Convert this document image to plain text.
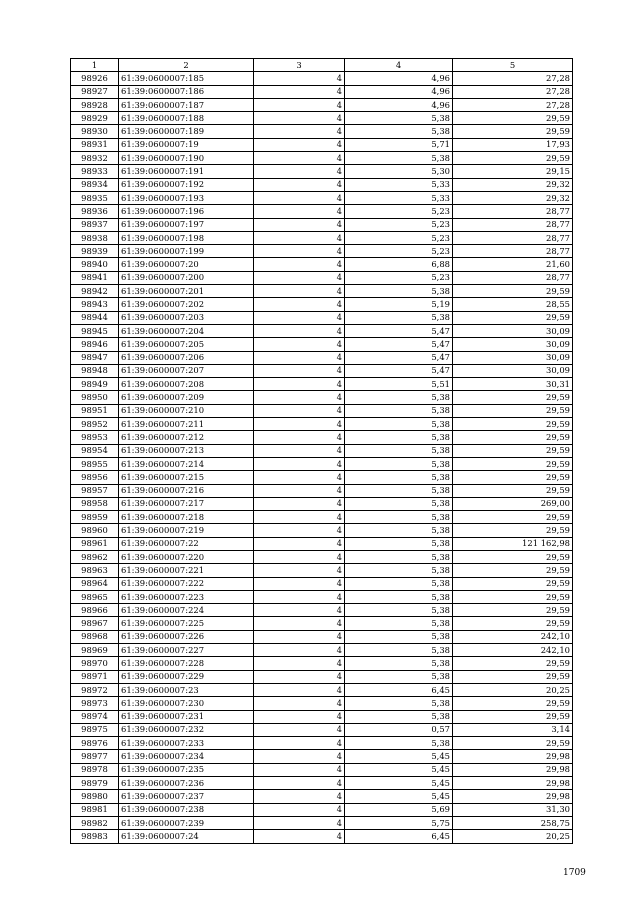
1	2	3	4	5
98926	61:39:0600007:185	4	4,96	27,28
98927	61:39:0600007:186	4	4,96	27,28
98928	61:39:0600007:187	4	4,96	27,28
98929	61:39:0600007:188	4	5,38	29,59
98930	61:39:0600007:189	4	5,38	29,59
98931	61:39:0600007:19	4	5,71	17,93
98932	61:39:0600007:190	4	5,38	29,59
98933	61:39:0600007:191	4	5,30	29,15
98934	61:39:0600007:192	4	5,33	29,32
98935	61:39:0600007:193	4	5,33	29,32
98936	61:39:0600007:196	4	5,23	28,77
98937	61:39:0600007:197	4	5,23	28,77
98938	61:39:0600007:198	4	5,23	28,77
98939	61:39:0600007:199	4	5,23	28,77
98940	61:39:0600007:20	4	6,88	21,60
98941	61:39:0600007:200	4	5,23	28,77
98942	61:39:0600007:201	4	5,38	29,59
98943	61:39:0600007:202	4	5,19	28,55
98944	61:39:0600007:203	4	5,38	29,59
98945	61:39:0600007:204	4	5,47	30,09
98946	61:39:0600007:205	4	5,47	30,09
98947	61:39:0600007:206	4	5,47	30,09
98948	61:39:0600007:207	4	5,47	30,09
98949	61:39:0600007:208	4	5,51	30,31
98950	61:39:0600007:209	4	5,38	29,59
98951	61:39:0600007:210	4	5,38	29,59
98952	61:39:0600007:211	4	5,38	29,59
98953	61:39:0600007:212	4	5,38	29,59
98954	61:39:0600007:213	4	5,38	29,59
98955	61:39:0600007:214	4	5,38	29,59
98956	61:39:0600007:215	4	5,38	29,59
98957	61:39:0600007:216	4	5,38	29,59
98958	61:39:0600007:217	4	5,38	269,00
98959	61:39:0600007:218	4	5,38	29,59
98960	61:39:0600007:219	4	5,38	29,59
98961	61:39:0600007:22	4	5,38	121 162,98
98962	61:39:0600007:220	4	5,38	29,59
98963	61:39:0600007:221	4	5,38	29,59
98964	61:39:0600007:222	4	5,38	29,59
98965	61:39:0600007:223	4	5,38	29,59
98966	61:39:0600007:224	4	5,38	29,59
98967	61:39:0600007:225	4	5,38	29,59
98968	61:39:0600007:226	4	5,38	242,10
98969	61:39:0600007:227	4	5,38	242,10
98970	61:39:0600007:228	4	5,38	29,59
98971	61:39:0600007:229	4	5,38	29,59
98972	61:39:0600007:23	4	6,45	20,25
98973	61:39:0600007:230	4	5,38	29,59
98974	61:39:0600007:231	4	5,38	29,59
98975	61:39:0600007:232	4	0,57	3,14
98976	61:39:0600007:233	4	5,38	29,59
98977	61:39:0600007:234	4	5,45	29,98
98978	61:39:0600007:235	4	5,45	29,98
98979	61:39:0600007:236	4	5,45	29,98
98980	61:39:0600007:237	4	5,45	29,98
98981	61:39:0600007:238	4	5,69	31,30
98982	61:39:0600007:239	4	5,75	258,75
98983	61:39:0600007:24	4	6,45	20,25
1709
